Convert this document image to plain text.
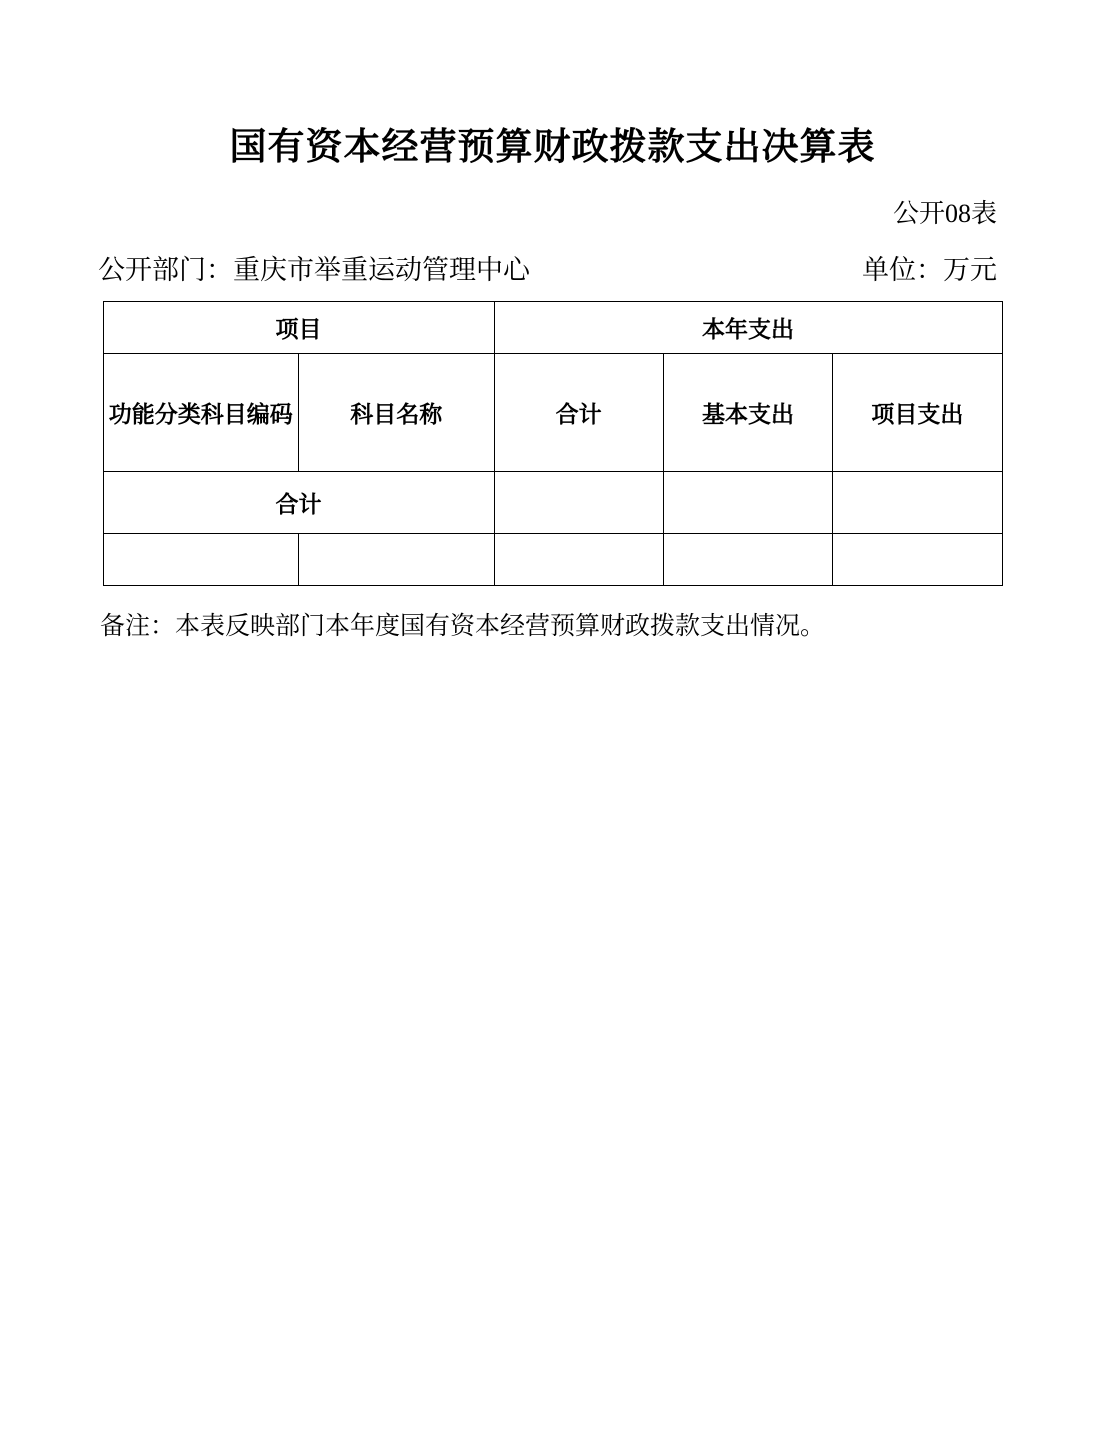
国有资本经营预算财政拨款支出决算表
公开08表
公开部门：重庆市举重运动管理中心	单位：万元
项目		本年支出		
功能分类科目编码	科目名称	合计	基本支出	项目支出
合计				

备注：本表反映部门本年度国有资本经营预算财政拨款支出情况。
